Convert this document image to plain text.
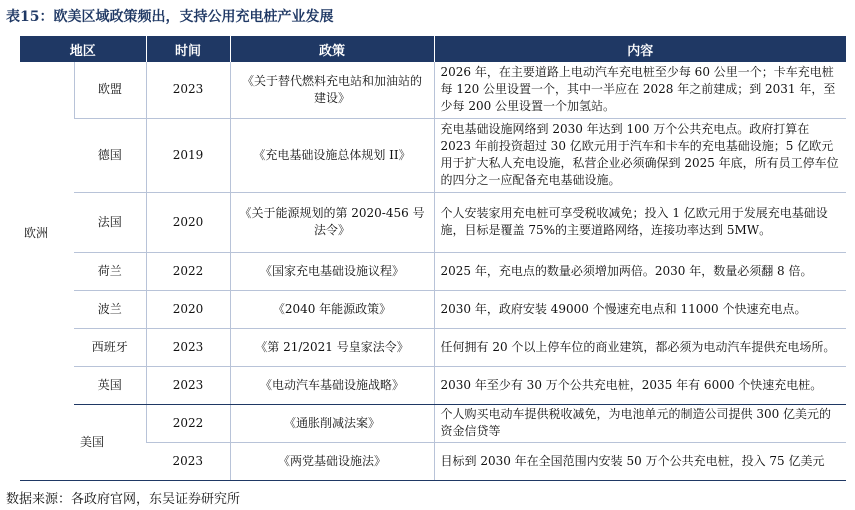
表15：欧美区域政策频出，支持公用充电桩产业发展
地区		时间	政策	内容
欧洲	欧盟	2023	《关于替代燃料充电站和加油站的建设》	2026 年，在主要道路上电动汽车充电桩至少每 60 公里一个；卡车充电桩每 120 公里设置一个，其中一半应在 2028 年之前建成；到 2031 年，至少每 200 公里设置一个加氢站。
	德国	2019	《充电基础设施总体规划 II》	充电基础设施网络到 2030 年达到 100 万个公共充电点。政府打算在 2023 年前投资超过 30 亿欧元用于汽车和卡车的充电基础设施；5 亿欧元用于扩大私人充电设施，私营企业必须确保到 2025 年底，所有员工停车位的四分之一应配备充电基础设施。
	法国	2020	《关于能源规划的第 2020-456 号法令》	个人安装家用充电桩可享受税收减免；投入 1 亿欧元用于发展充电基础设施，目标是覆盖 75%的主要道路网络，连接功率达到 5MW。
	荷兰	2022	《国家充电基础设施议程》	2025 年，充电点的数量必须增加两倍。2030 年，数量必须翻 8 倍。
	波兰	2020	《2040 年能源政策》	2030 年，政府安装 49000 个慢速充电点和 11000 个快速充电点。
	西班牙	2023	《第 21/2021 号皇家法令》	任何拥有 20 个以上停车位的商业建筑，都必须为电动汽车提供充电场所。
	英国	2023	《电动汽车基础设施战略》	2030 年至少有 30 万个公共充电桩，2035 年有 6000 个快速充电桩。
美国		2022	《通胀削减法案》	个人购买电动车提供税收减免，为电池单元的制造公司提供 300 亿美元的资金信贷等
		2023	《两党基础设施法》	目标到 2030 年在全国范围内安装 50 万个公共充电桩，投入 75 亿美元
数据来源：各政府官网，东吴证券研究所
